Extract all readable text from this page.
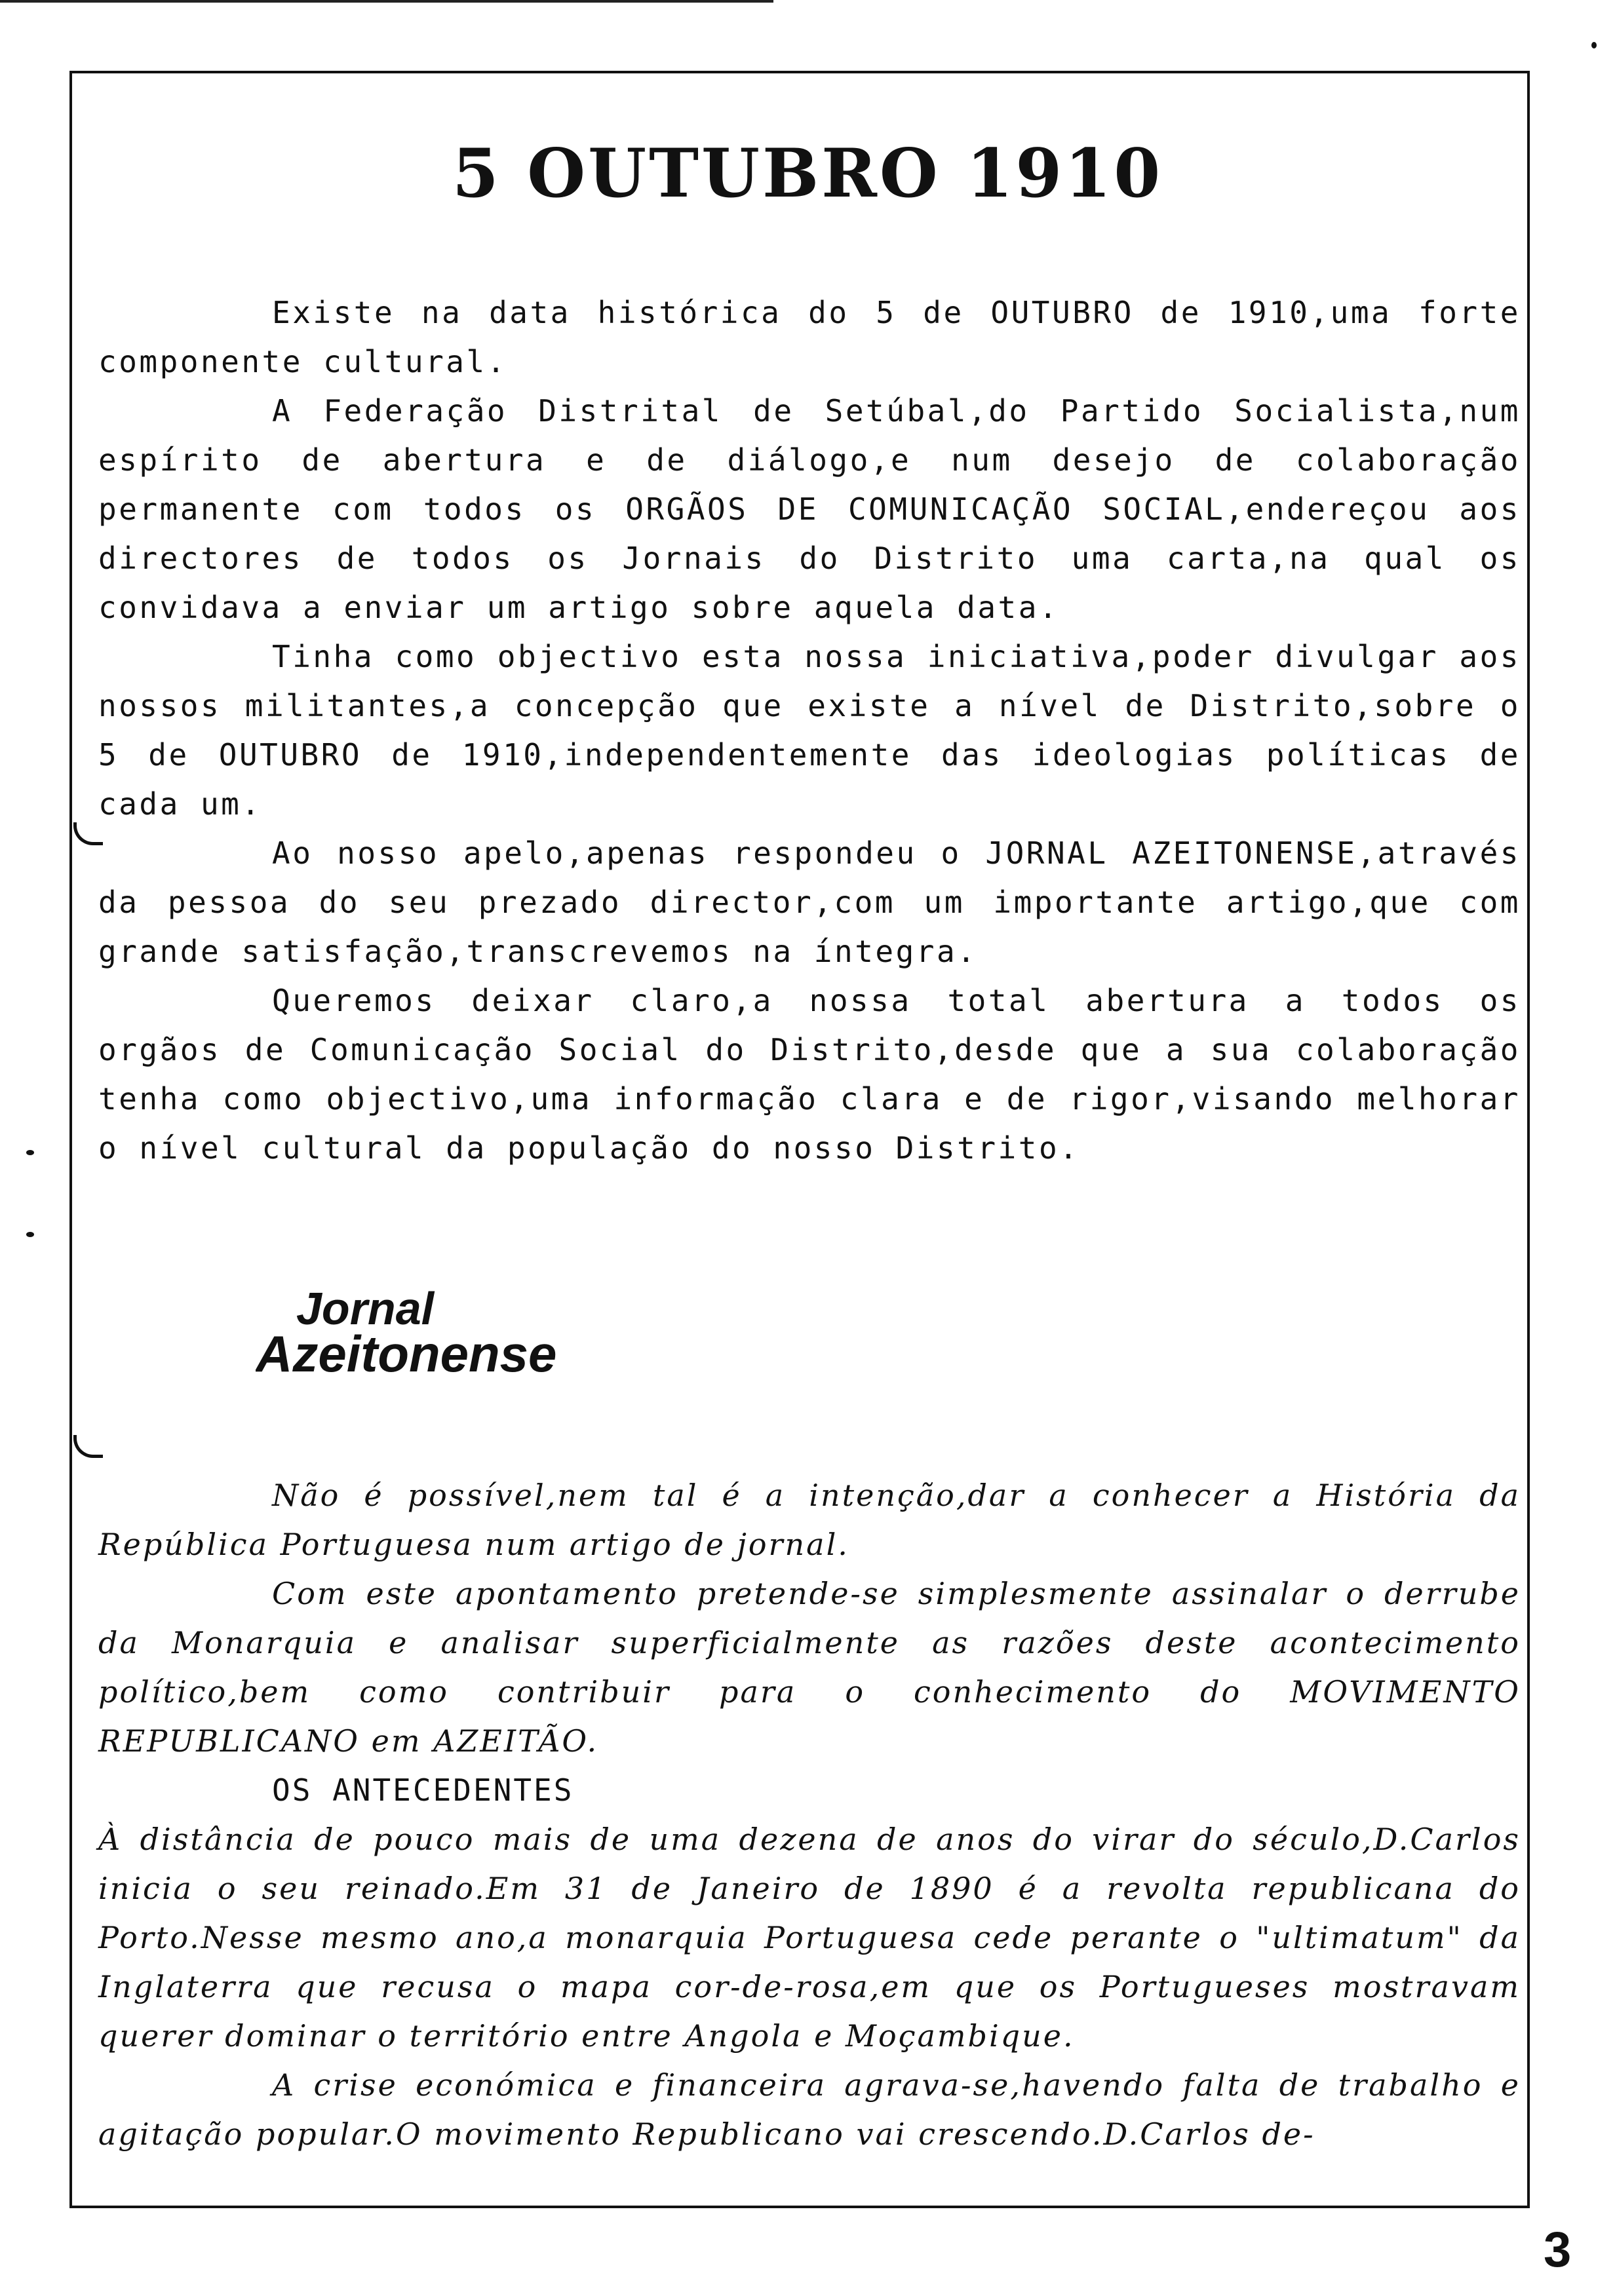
5 OUTUBRO 1910

Existe na data histórica do 5 de OUTUBRO de 1910,uma forte componente cultural.

A Federação Distrital de Setúbal,do Partido Socialista,num espírito de abertura e de diálogo,e num desejo de colaboração permanente com todos os ORGÃOS DE COMUNICAÇÃO SOCIAL,endereçou aos directores de todos os Jornais do Distrito uma carta,na qual os convidava a enviar um artigo sobre aquela data.

Tinha como objectivo esta nossa iniciativa,poder divulgar aos nossos militantes,a concepção que existe a nível de Distrito,sobre o 5 de OUTUBRO de 1910,independentemente das ideologias políticas de cada um.

Ao nosso apelo,apenas respondeu o JORNAL AZEITONENSE,através da pessoa do seu prezado director,com um importante artigo,que com grande satisfação,transcrevemos na íntegra.

Queremos deixar claro,a nossa total abertura a todos os orgãos de Comunicação Social do Distrito,desde que a sua colaboração tenha como objectivo,uma informação clara e de rigor,visando melhorar o nível cultural da população do nosso Distrito.

Jornal
Azeitonense

Não é possível,nem tal é a intenção,dar a conhecer a História da República Portuguesa num artigo de jornal.

Com este apontamento pretende-se simplesmente assinalar o derrube da Monarquia e analisar superficialmente as razões deste acontecimento político,bem como contribuir para o conhecimento do MOVIMENTO REPUBLICANO em AZEITÃO.

OS ANTECEDENTES

À distância de pouco mais de uma dezena de anos do virar do século,D.Carlos inicia o seu reinado.Em 31 de Janeiro de 1890 é a revolta republicana do Porto.Nesse mesmo ano,a monarquia Portuguesa cede perante o "ultimatum" da Inglaterra que recusa o mapa cor-de-rosa,em que os Portugueses mostravam querer dominar o território entre Angola e Moçambique.

A crise económica e financeira agrava-se,havendo falta de trabalho e agitação popular.O movimento Republicano vai crescendo.D.Carlos de-

3
